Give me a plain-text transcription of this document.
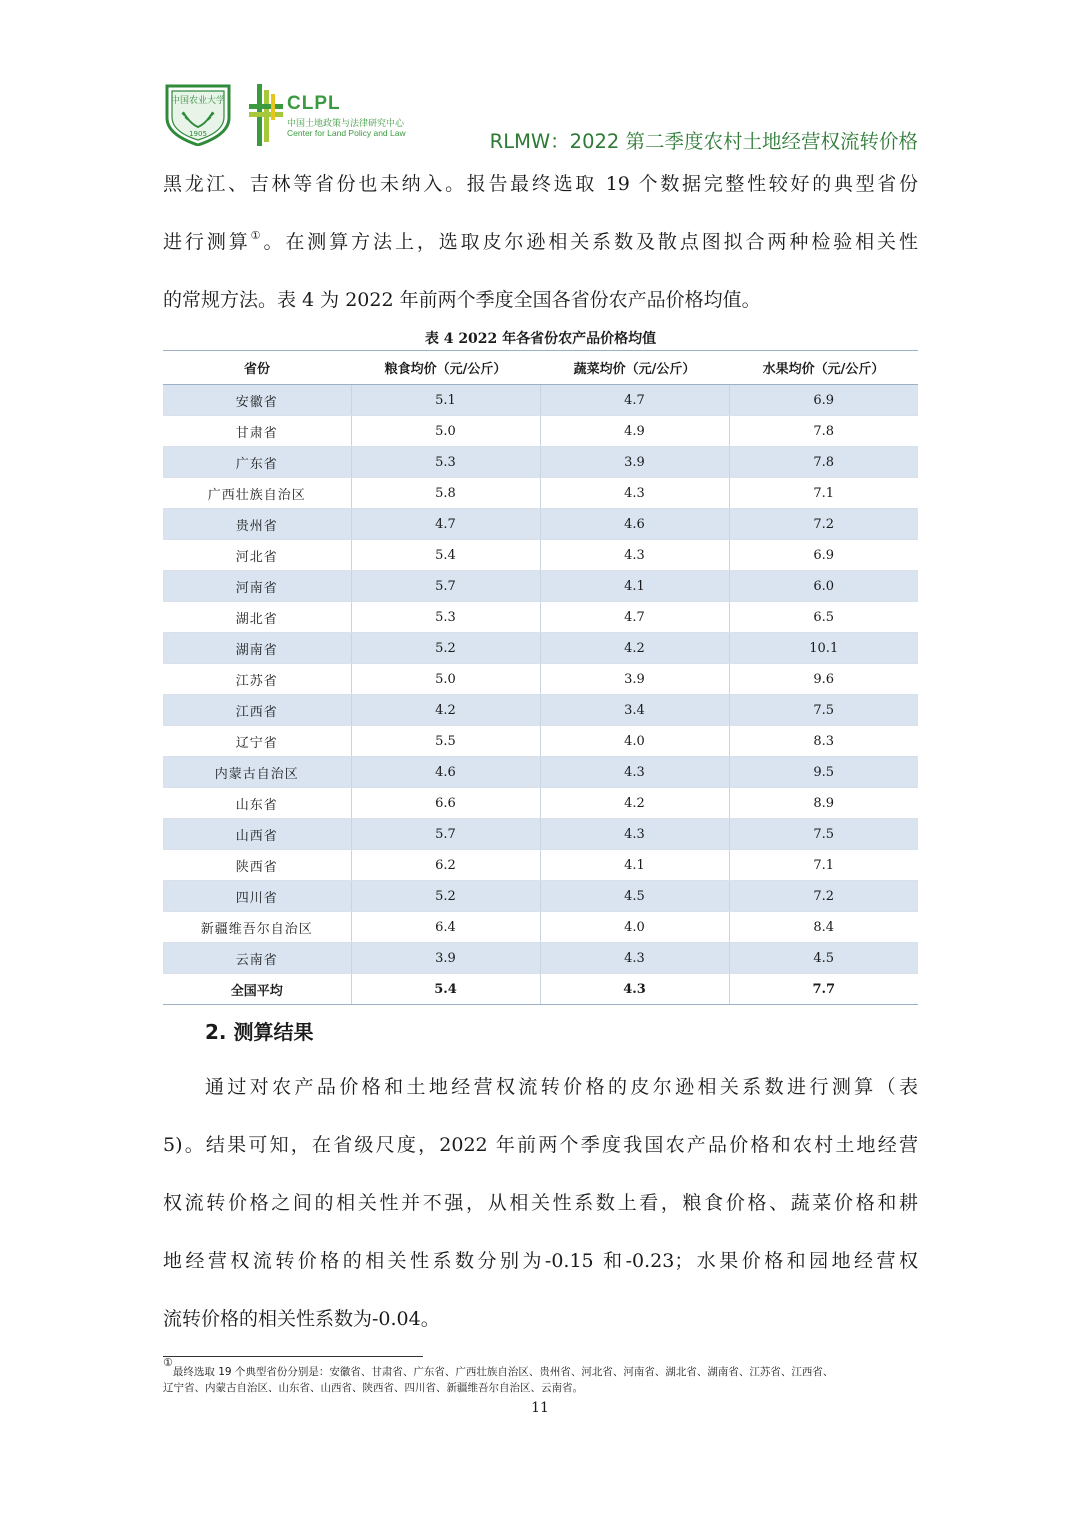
中国农业大学
1905
CLPL
中国土地政策与法律研究中心
Center for Land Policy and Law	RLMW：2022 第二季度农村土地经营权流转价格

黑龙江、吉林等省份也未纳入。报告最终选取 19 个数据完整性较好的典型省份

进行测算①。在测算方法上，选取皮尔逊相关系数及散点图拟合两种检验相关性

的常规方法。表 4 为 2022 年前两个季度全国各省份农产品价格均值。

表 4 2022 年各省份农产品价格均值
省份	粮食均价（元/公斤）	蔬菜均价（元/公斤）	水果均价（元/公斤）
安徽省	5.1	4.7	6.9
甘肃省	5.0	4.9	7.8
广东省	5.3	3.9	7.8
广西壮族自治区	5.8	4.3	7.1
贵州省	4.7	4.6	7.2
河北省	5.4	4.3	6.9
河南省	5.7	4.1	6.0
湖北省	5.3	4.7	6.5
湖南省	5.2	4.2	10.1
江苏省	5.0	3.9	9.6
江西省	4.2	3.4	7.5
辽宁省	5.5	4.0	8.3
内蒙古自治区	4.6	4.3	9.5
山东省	6.6	4.2	8.9
山西省	5.7	4.3	7.5
陕西省	6.2	4.1	7.1
四川省	5.2	4.5	7.2
新疆维吾尔自治区	6.4	4.0	8.4
云南省	3.9	4.3	4.5
全国平均	5.4	4.3	7.7
2. 测算结果

通过对农产品价格和土地经营权流转价格的皮尔逊相关系数进行测算（表

5)。结果可知，在省级尺度，2022 年前两个季度我国农产品价格和农村土地经营

权流转价格之间的相关性并不强，从相关性系数上看，粮食价格、蔬菜价格和耕

地经营权流转价格的相关性系数分别为-0.15 和-0.23；水果价格和园地经营权

流转价格的相关性系数为-0.04。

①最终选取 19 个典型省份分别是：安徽省、甘肃省、广东省、广西壮族自治区、贵州省、河北省、河南省、湖北省、湖南省、江苏省、江西省、

辽宁省、内蒙古自治区、山东省、山西省、陕西省、四川省、新疆维吾尔自治区、云南省。

11
